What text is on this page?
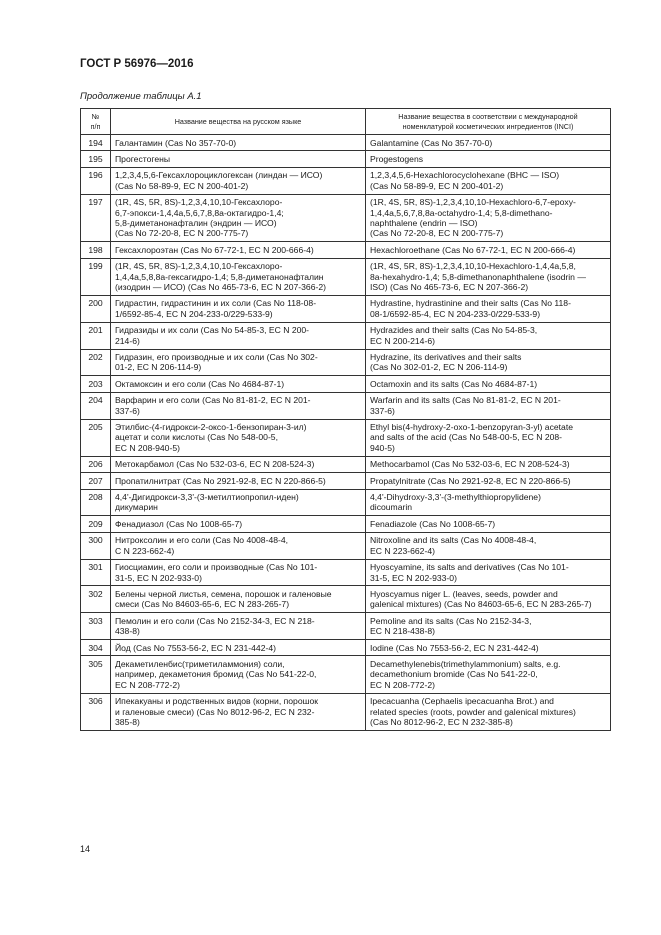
ГОСТ Р 56976—2016
Продолжение таблицы А.1
№
п/п	Название вещества на русском языке	Название вещества в соответствии с международной
номенклатурой косметических ингредиентов (INCI)
194	Галантамин (Cas No 357-70-0)	Galantamine (Cas No 357-70-0)
195	Прогестогены	Progestogens
196	1,2,3,4,5,6-Гексахлороциклогексан (линдан — ИСО)
(Cas No 58-89-9, EC N 200-401-2)	1,2,3,4,5,6-Hexachlorocyclohexane (BHC — ISO)
(Cas No 58-89-9, EC N 200-401-2)
197	(1R, 4S, 5R, 8S)-1,2,3,4,10,10-Гексахлоро-
6,7-эпокси-1,4,4а,5,6,7,8,8а-октагидро-1,4;
5,8-диметанонафталин (эндрин — ИСО)
(Cas No 72-20-8, EC N 200-775-7)	(1R, 4S, 5R, 8S)-1,2,3,4,10,10-Hexachloro-6,7-epoxy-
1,4,4a,5,6,7,8,8a-octahydro-1,4; 5,8-dimethano-
naphthalene (endrin — ISO)
(Cas No 72-20-8, EC N 200-775-7)
198	Гексахлороэтан (Cas No 67-72-1, EC N 200-666-4)	Hexachloroethane (Cas No 67-72-1, EC N 200-666-4)
199	(1R, 4S, 5R, 8S)-1,2,3,4,10,10-Гексахлоро-
1,4,4a,5,8,8а-гексагидро-1,4; 5,8-диметанонафталин
(изодрин — ИСО) (Cas No 465-73-6, EC N 207-366-2)	(1R, 4S, 5R, 8S)-1,2,3,4,10,10-Hexachloro-1,4,4a,5,8,
8a-hexahydro-1,4; 5,8-dimethanonaphthalene (isodrin —
ISO) (Cas No 465-73-6, EC N 207-366-2)
200	Гидрастин, гидрастинин и их соли (Cas No 118-08-
1/6592-85-4, EC N 204-233-0/229-533-9)	Hydrastine, hydrastinine and their salts (Cas No 118-
08-1/6592-85-4, EC N 204-233-0/229-533-9)
201	Гидразиды и их соли (Cas No 54-85-3, EC N 200-
214-6)	Hydrazides and their salts (Cas No 54-85-3,
EC N 200-214-6)
202	Гидразин, его производные и их соли (Cas No 302-
01-2, EC N 206-114-9)	Hydrazine, its derivatives and their salts
(Cas No 302-01-2, EC N 206-114-9)
203	Октамоксин и его соли (Cas No 4684-87-1)	Octamoxin and its salts (Cas No 4684-87-1)
204	Варфарин и его соли (Cas No 81-81-2, EC N 201-
337-6)	Warfarin and its salts (Cas No 81-81-2, EC N 201-
337-6)
205	Этилбис-(4-гидрокси-2-оксо-1-бензопиран-3-ил)
ацетат и соли кислоты (Cas No 548-00-5,
EC N 208-940-5)	Ethyl bis(4-hydroxy-2-oxo-1-benzopyran-3-yl) acetate
and salts of the acid (Cas No 548-00-5, EC N 208-
940-5)
206	Метокарбамол (Cas No 532-03-6, EC N 208-524-3)	Methocarbamol (Cas No 532-03-6, EC N 208-524-3)
207	Пропатилнитрат (Cas No 2921-92-8, EC N 220-866-5)	Propatylnitrate (Cas No 2921-92-8, EC N 220-866-5)
208	4,4'-Дигидрокси-3,3'-(3-метилтиопропил-иден)
дикумарин	4,4'-Dihydroxy-3,3'-(3-methylthiopropylidene)
dicoumarin
209	Фенадиазол (Cas No 1008-65-7)	Fenadiazole (Cas No 1008-65-7)
300	Нитроксолин и его соли (Cas No 4008-48-4,
C N 223-662-4)	Nitroxoline and its salts (Cas No 4008-48-4,
EC N 223-662-4)
301	Гиосциамин, его соли и производные (Cas No 101-
31-5, EC N 202-933-0)	Hyoscyamine, its salts and derivatives (Cas No 101-
31-5, EC N 202-933-0)
302	Белены черной листья, семена, порошок и галеновые
смеси (Cas No 84603-65-6, EC N 283-265-7)	Hyoscyamus niger L. (leaves, seeds, powder and
galenical mixtures) (Cas No 84603-65-6, EC N 283-265-7)
303	Пемолин и его соли (Cas No 2152-34-3, EC N 218-
438-8)	Pemoline and its salts (Cas No 2152-34-3,
EC N 218-438-8)
304	Йод (Cas No 7553-56-2, EC N 231-442-4)	Iodine (Cas No 7553-56-2, EC N 231-442-4)
305	Декаметиленбис(триметиламмония) соли,
например, декаметония бромид (Cas No 541-22-0,
EC N 208-772-2)	Decamethylenebis(trimethylammonium) salts, e.g.
decamethonium bromide (Cas No 541-22-0,
EC N 208-772-2)
306	Ипекакуаны и родственных видов (корни, порошок
и галеновые смеси) (Cas No 8012-96-2, EC N 232-
385-8)	Ipecacuanha (Cephaelis ipecacuanha Brot.) and
related species (roots, powder and galenical mixtures)
(Cas No 8012-96-2, EC N 232-385-8)
14
